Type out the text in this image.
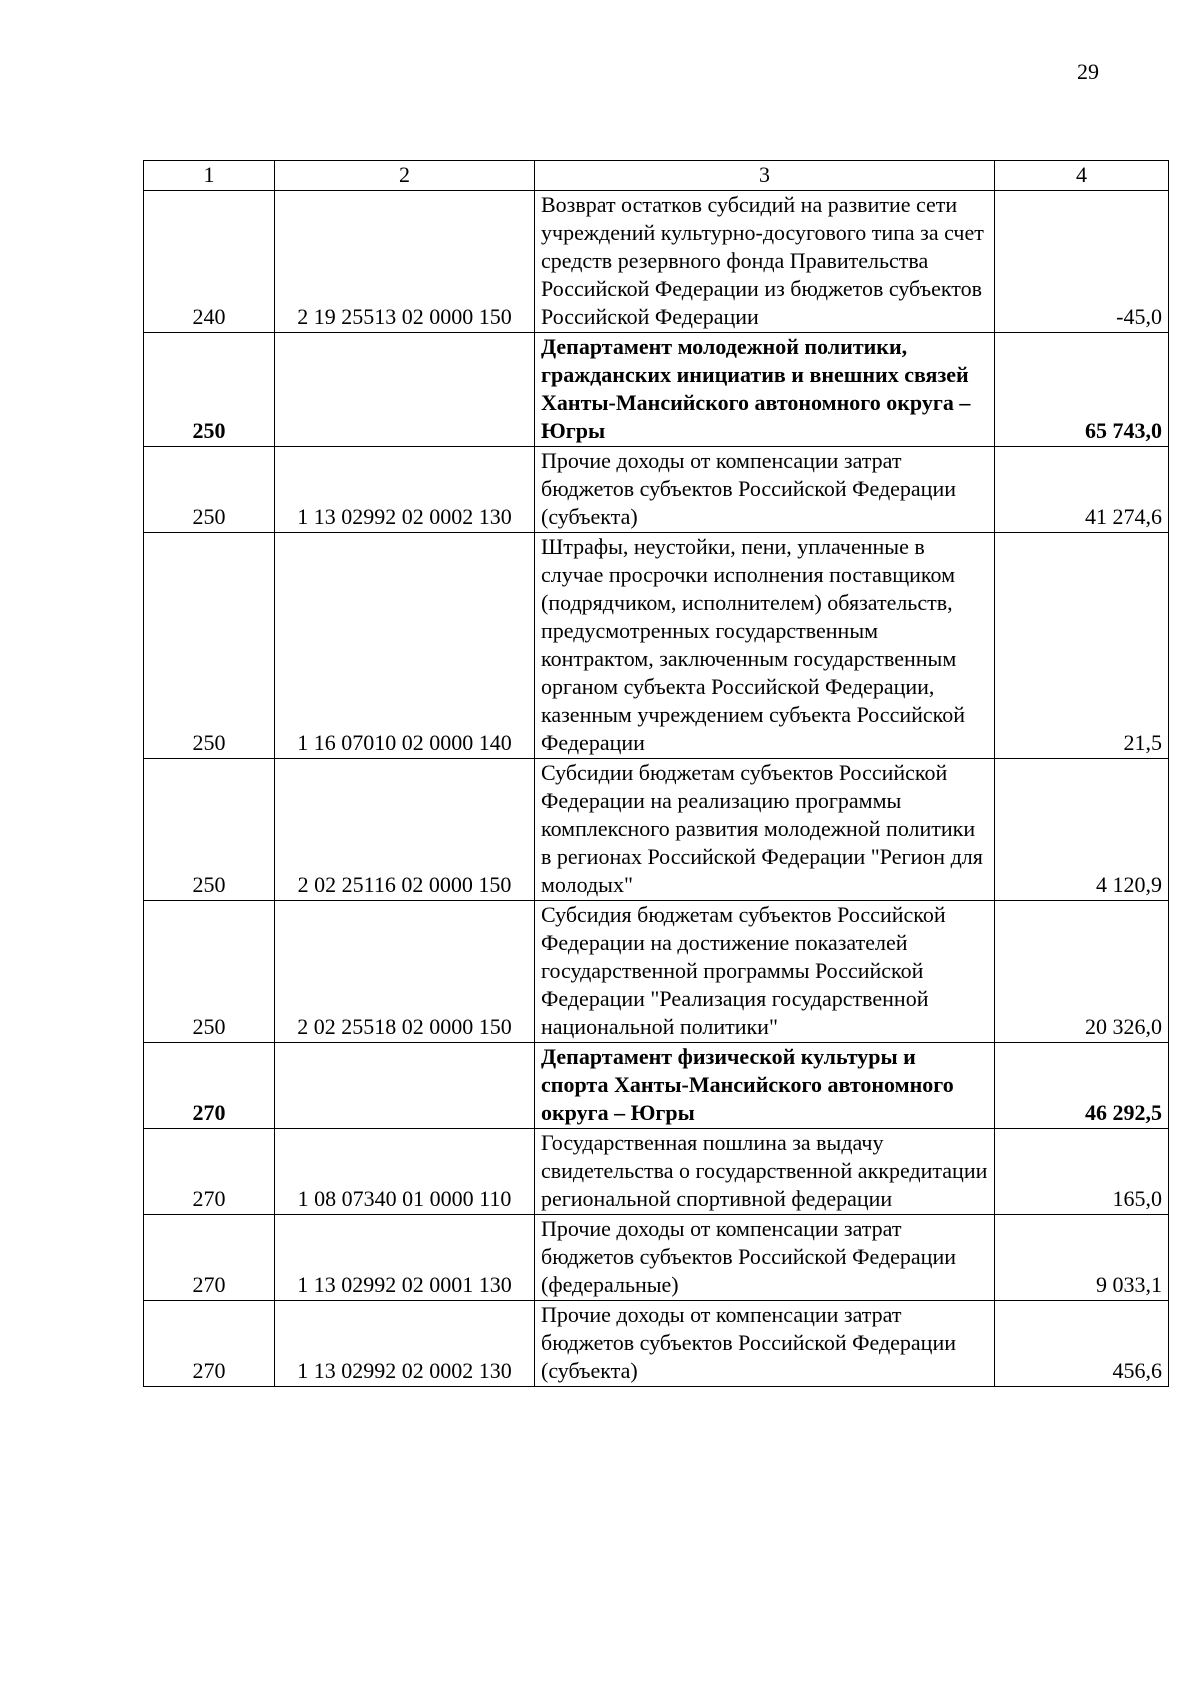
29
1	2	3	4
240	2 19 25513 02 0000 150	Возврат остатков субсидий на развитие сети учреждений культурно-досугового типа за счет средств резервного фонда Правительства Российской Федерации из бюджетов субъектов Российской Федерации	-45,0
250		Департамент молодежной политики, гражданских инициатив и внешних связей Ханты-Мансийского автономного округа – Югры	65 743,0
250	1 13 02992 02 0002 130	Прочие доходы от компенсации затрат бюджетов субъектов Российской Федерации (субъекта)	41 274,6
250	1 16 07010 02 0000 140	Штрафы, неустойки, пени, уплаченные в случае просрочки исполнения поставщиком (подрядчиком, исполнителем) обязательств, предусмотренных государственным контрактом, заключенным государственным органом субъекта Российской Федерации, казенным учреждением субъекта Российской Федерации	21,5
250	2 02 25116 02 0000 150	Субсидии бюджетам субъектов Российской Федерации на реализацию программы комплексного развития молодежной политики в регионах Российской Федерации "Регион для молодых"	4 120,9
250	2 02 25518 02 0000 150	Субсидия бюджетам субъектов Российской Федерации на достижение показателей государственной программы Российской Федерации "Реализация государственной национальной политики"	20 326,0
270		Департамент физической культуры и спорта Ханты-Мансийского автономного округа – Югры	46 292,5
270	1 08 07340 01 0000 110	Государственная пошлина за выдачу свидетельства о государственной аккредитации региональной спортивной федерации	165,0
270	1 13 02992 02 0001 130	Прочие доходы от компенсации затрат бюджетов субъектов Российской Федерации (федеральные)	9 033,1
270	1 13 02992 02 0002 130	Прочие доходы от компенсации затрат бюджетов субъектов Российской Федерации (субъекта)	456,6
